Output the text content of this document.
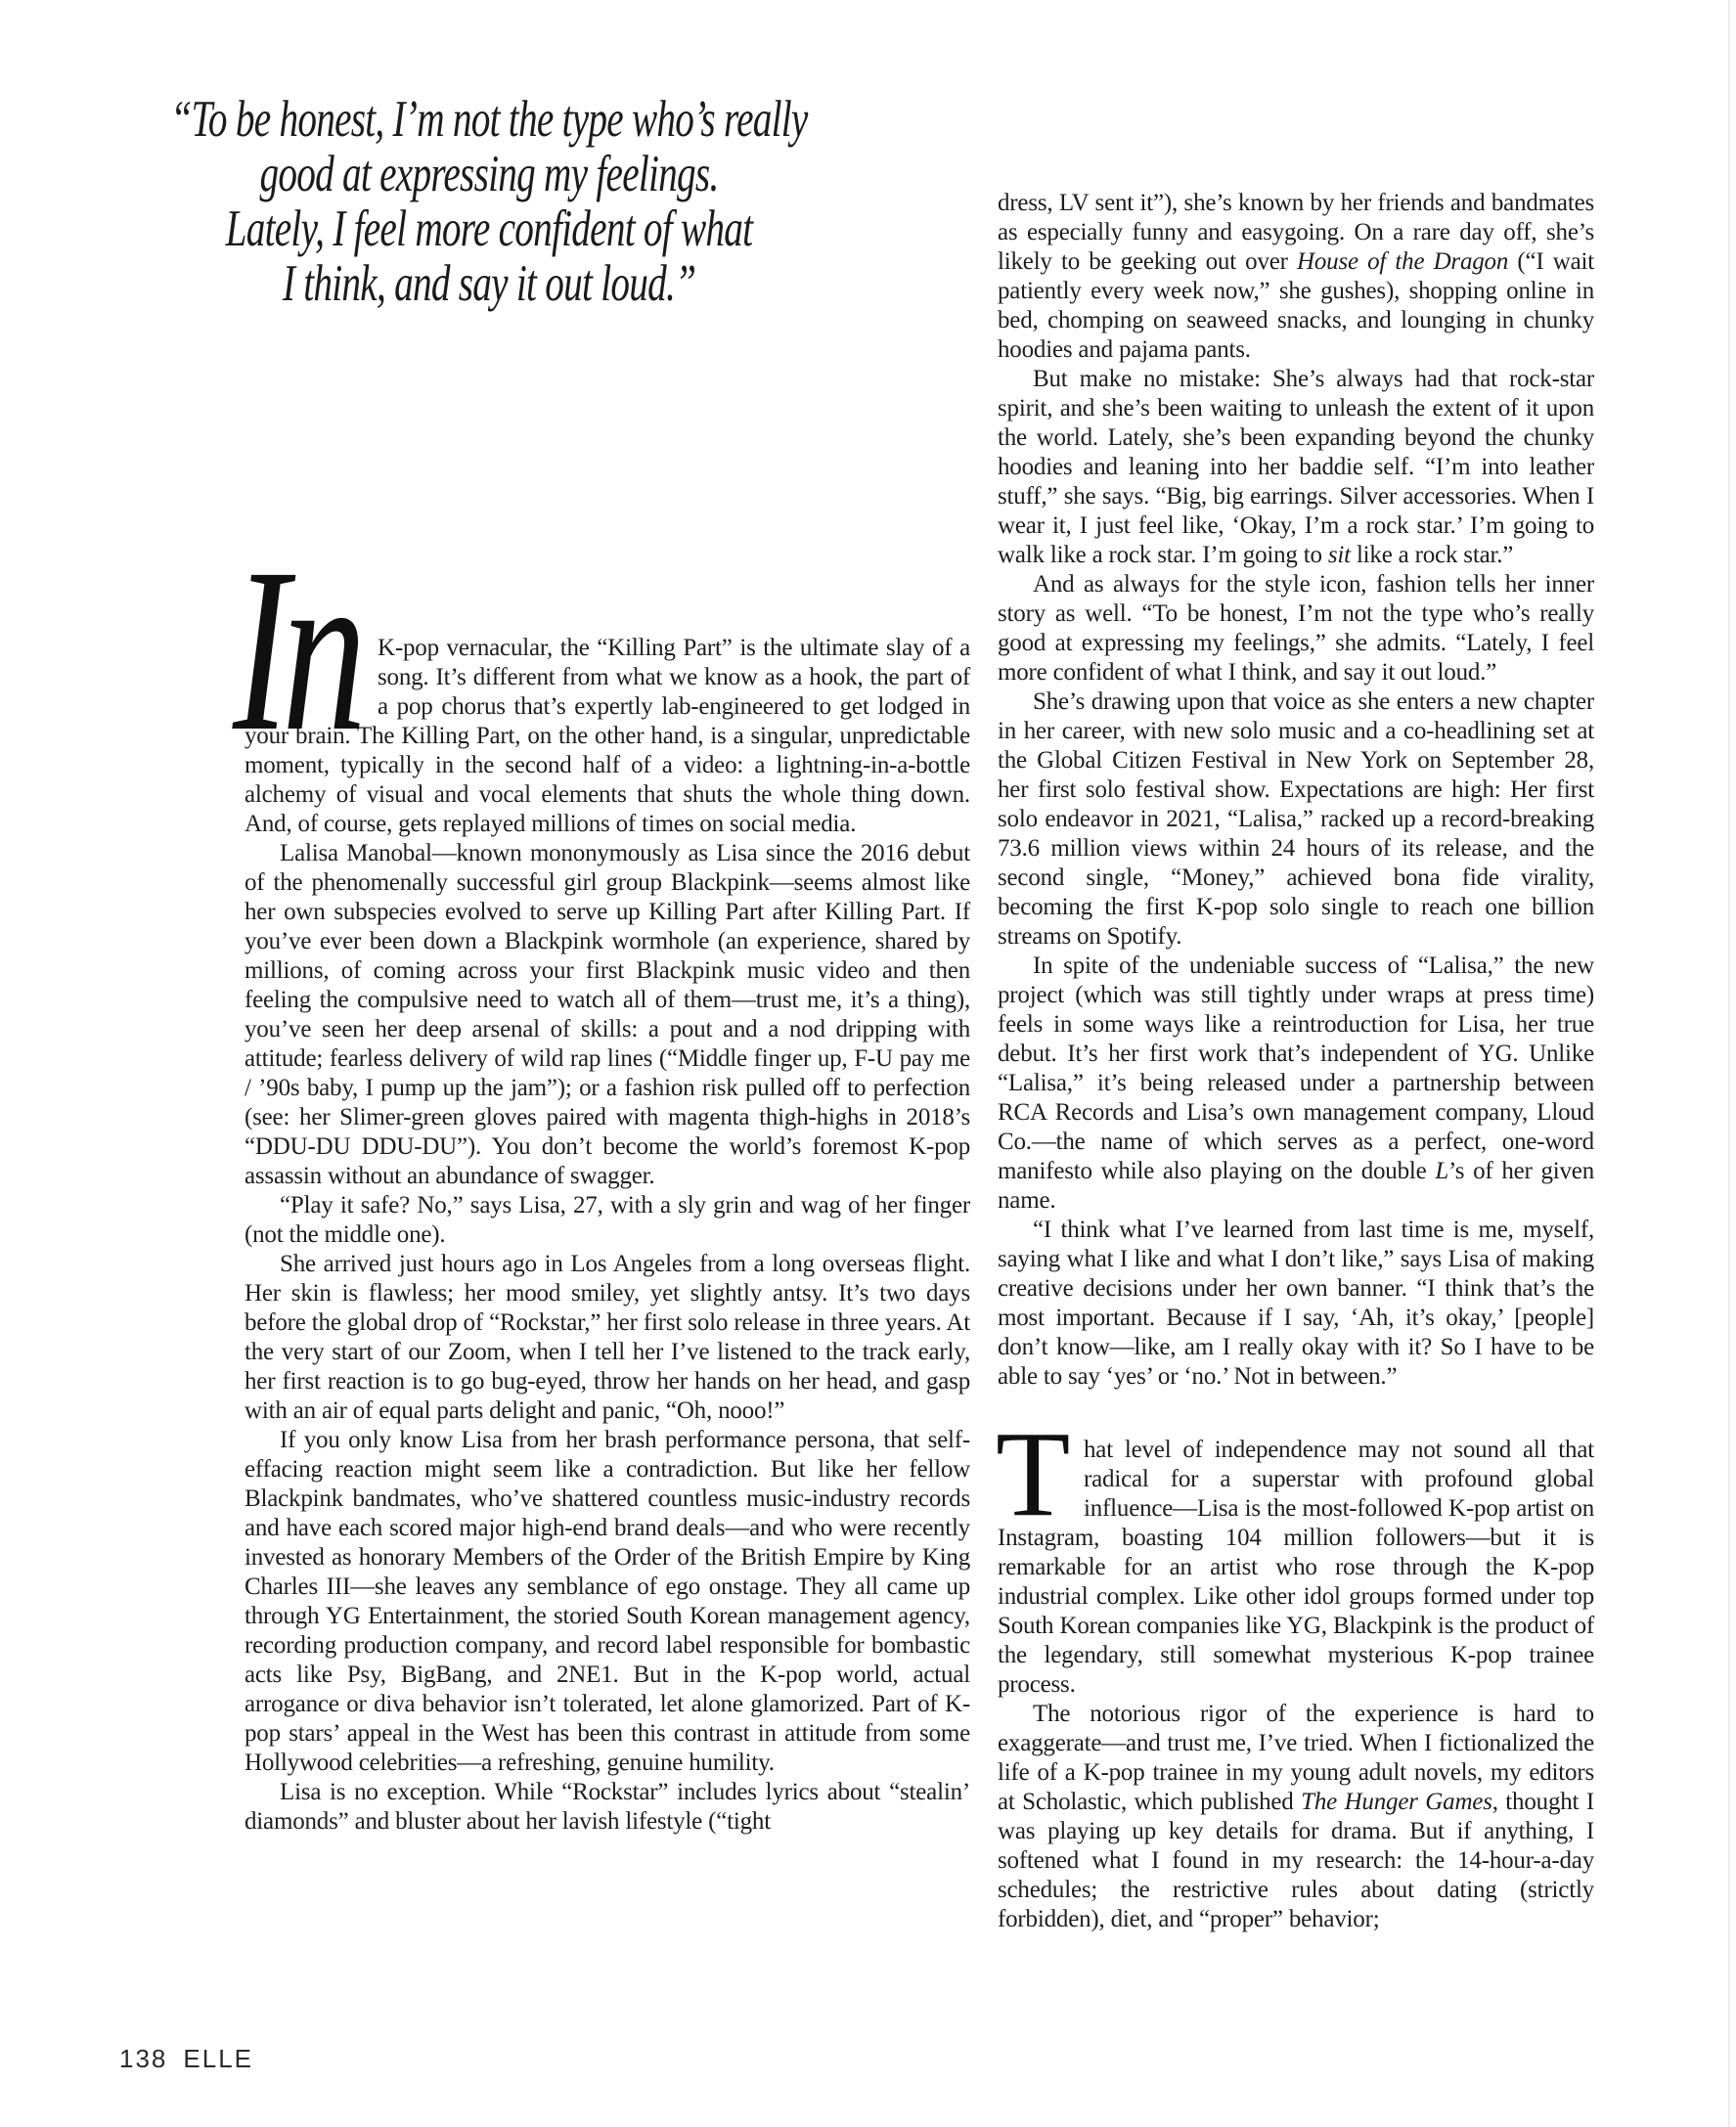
“To be honest, I’m not the type who’s really
good at expressing my feelings.
Lately, I feel more confident of what
I think, and say it out loud.”

In K-pop vernacular, the “Killing Part” is the ultimate slay of a song. It’s different from what we know as a hook, the part of a pop chorus that’s expertly lab-engineered to get lodged in your brain. The Killing Part, on the other hand, is a singular, unpredictable moment, typically in the second half of a video: a lightning-in-a-bottle alchemy of visual and vocal elements that shuts the whole thing down. And, of course, gets replayed millions of times on social media.

Lalisa Manobal—known mononymously as Lisa since the 2016 debut of the phenomenally successful girl group Blackpink—seems almost like her own subspecies evolved to serve up Killing Part after Killing Part. If you’ve ever been down a Blackpink wormhole (an experience, shared by millions, of coming across your first Blackpink music video and then feeling the compulsive need to watch all of them—trust me, it’s a thing), you’ve seen her deep arsenal of skills: a pout and a nod dripping with attitude; fearless delivery of wild rap lines (“Middle finger up, F-U pay me / ’90s baby, I pump up the jam”); or a fashion risk pulled off to perfection (see: her Slimer-green gloves paired with magenta thigh-highs in 2018’s “DDU-DU DDU-DU”). You don’t become the world’s foremost K-pop assassin without an abundance of swagger.

“Play it safe? No,” says Lisa, 27, with a sly grin and wag of her finger (not the middle one).

She arrived just hours ago in Los Angeles from a long overseas flight. Her skin is flawless; her mood smiley, yet slightly antsy. It’s two days before the global drop of “Rockstar,” her first solo release in three years. At the very start of our Zoom, when I tell her I’ve listened to the track early, her first reaction is to go bug-eyed, throw her hands on her head, and gasp with an air of equal parts delight and panic, “Oh, nooo!”

If you only know Lisa from her brash performance persona, that self-effacing reaction might seem like a contradiction. But like her fellow Blackpink bandmates, who’ve shattered countless music-industry records and have each scored major high-end brand deals—and who were recently invested as honorary Members of the Order of the British Empire by King Charles III—she leaves any semblance of ego onstage. They all came up through YG Entertainment, the storied South Korean management agency, recording production company, and record label responsible for bombastic acts like Psy, BigBang, and 2NE1. But in the K-pop world, actual arrogance or diva behavior isn’t tolerated, let alone glamorized. Part of K-pop stars’ appeal in the West has been this contrast in attitude from some Hollywood celebrities—a refreshing, genuine humility.

Lisa is no exception. While “Rockstar” includes lyrics about “stealin’ diamonds” and bluster about her lavish lifestyle (“tight

dress, LV sent it”), she’s known by her friends and bandmates as especially funny and easygoing. On a rare day off, she’s likely to be geeking out over House of the Dragon (“I wait patiently every week now,” she gushes), shopping online in bed, chomping on seaweed snacks, and lounging in chunky hoodies and pajama pants.

But make no mistake: She’s always had that rock-star spirit, and she’s been waiting to unleash the extent of it upon the world. Lately, she’s been expanding beyond the chunky hoodies and leaning into her baddie self. “I’m into leather stuff,” she says. “Big, big earrings. Silver accessories. When I wear it, I just feel like, ‘Okay, I’m a rock star.’ I’m going to walk like a rock star. I’m going to sit like a rock star.”

And as always for the style icon, fashion tells her inner story as well. “To be honest, I’m not the type who’s really good at expressing my feelings,” she admits. “Lately, I feel more confident of what I think, and say it out loud.”

She’s drawing upon that voice as she enters a new chapter in her career, with new solo music and a co-headlining set at the Global Citizen Festival in New York on September 28, her first solo festival show. Expectations are high: Her first solo endeavor in 2021, “Lalisa,” racked up a record-breaking 73.6 million views within 24 hours of its release, and the second single, “Money,” achieved bona fide virality, becoming the first K-pop solo single to reach one billion streams on Spotify.

In spite of the undeniable success of “Lalisa,” the new project (which was still tightly under wraps at press time) feels in some ways like a reintroduction for Lisa, her true debut. It’s her first work that’s independent of YG. Unlike “Lalisa,” it’s being released under a partnership between RCA Records and Lisa’s own management company, Lloud Co.—the name of which serves as a perfect, one-word manifesto while also playing on the double L’s of her given name.

“I think what I’ve learned from last time is me, myself, saying what I like and what I don’t like,” says Lisa of making creative decisions under her own banner. “I think that’s the most important. Because if I say, ‘Ah, it’s okay,’ [people] don’t know—like, am I really okay with it? So I have to be able to say ‘yes’ or ‘no.’ Not in between.”

T hat level of independence may not sound all that radical for a superstar with profound global influence—Lisa is the most-followed K-pop artist on Instagram, boasting 104 million followers—but it is remarkable for an artist who rose through the K-pop industrial complex. Like other idol groups formed under top South Korean companies like YG, Blackpink is the product of the legendary, still somewhat mysterious K-pop trainee process.

The notorious rigor of the experience is hard to exaggerate—and trust me, I’ve tried. When I fictionalized the life of a K-pop trainee in my young adult novels, my editors at Scholastic, which published The Hunger Games, thought I was playing up key details for drama. But if anything, I softened what I found in my research: the 14-hour-a-day schedules; the restrictive rules about dating (strictly forbidden), diet, and “proper” behavior;

138 ELLE
